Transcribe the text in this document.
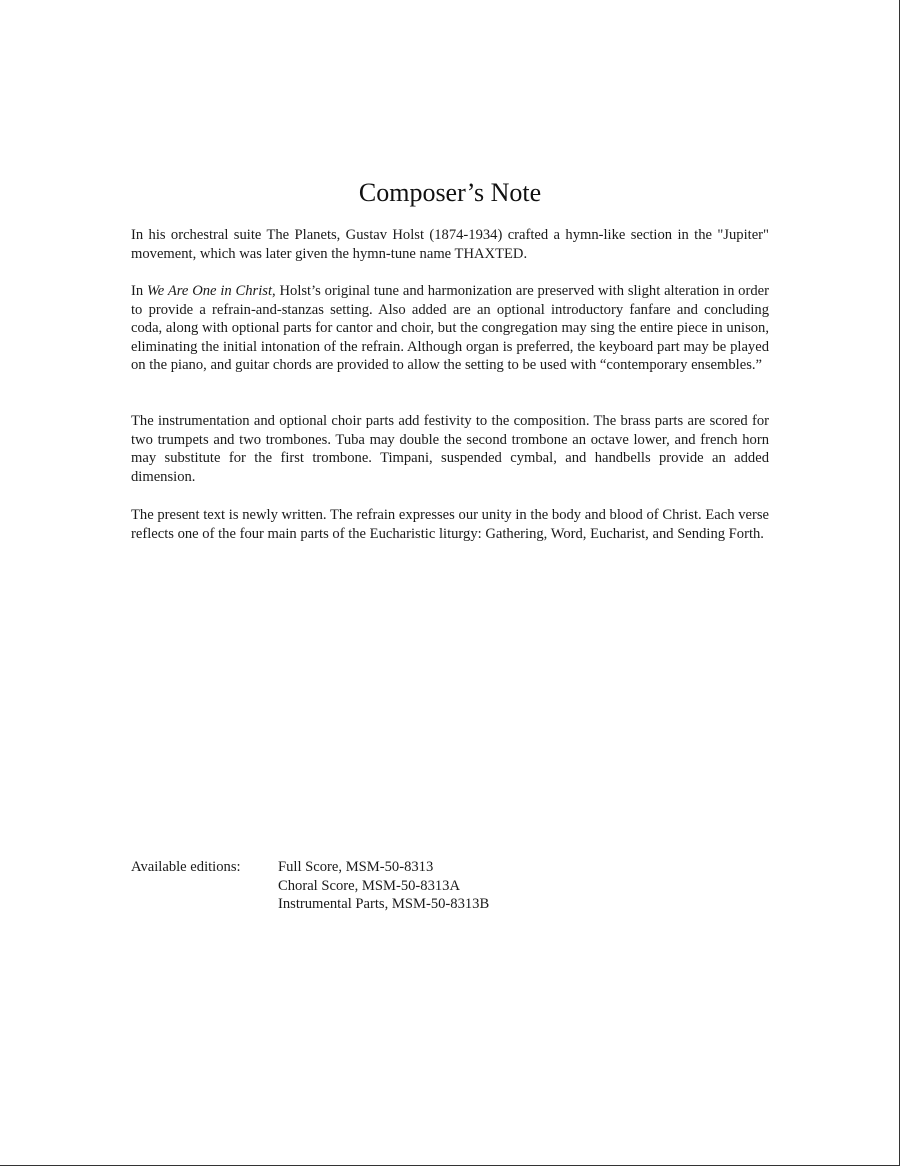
Composer’s Note

In his orchestral suite The Planets, Gustav Holst (1874-1934) crafted a hymn-like section in the "Jupiter" movement, which was later given the hymn-tune name THAXTED.

In We Are One in Christ, Holst’s original tune and harmonization are preserved with slight alteration in order to provide a refrain-and-stanzas setting. Also added are an optional introductory fanfare and concluding coda, along with optional parts for cantor and choir, but the congregation may sing the entire piece in unison, eliminating the initial intonation of the refrain. Although organ is preferred, the keyboard part may be played on the piano, and guitar chords are provided to allow the setting to be used with “contemporary ensembles.”

The instrumentation and optional choir parts add festivity to the composition. The brass parts are scored for two trumpets and two trombones. Tuba may double the second trombone an octave lower, and french horn may substitute for the first trombone. Timpani, suspended cymbal, and handbells provide an added dimension.

The present text is newly written. The refrain expresses our unity in the body and blood of Christ. Each verse reflects one of the four main parts of the Eucharistic liturgy: Gathering, Word, Eucharist, and Sending Forth.

Available editions:	Full Score, MSM-50-8313
Choral Score, MSM-50-8313A
Instrumental Parts, MSM-50-8313B
